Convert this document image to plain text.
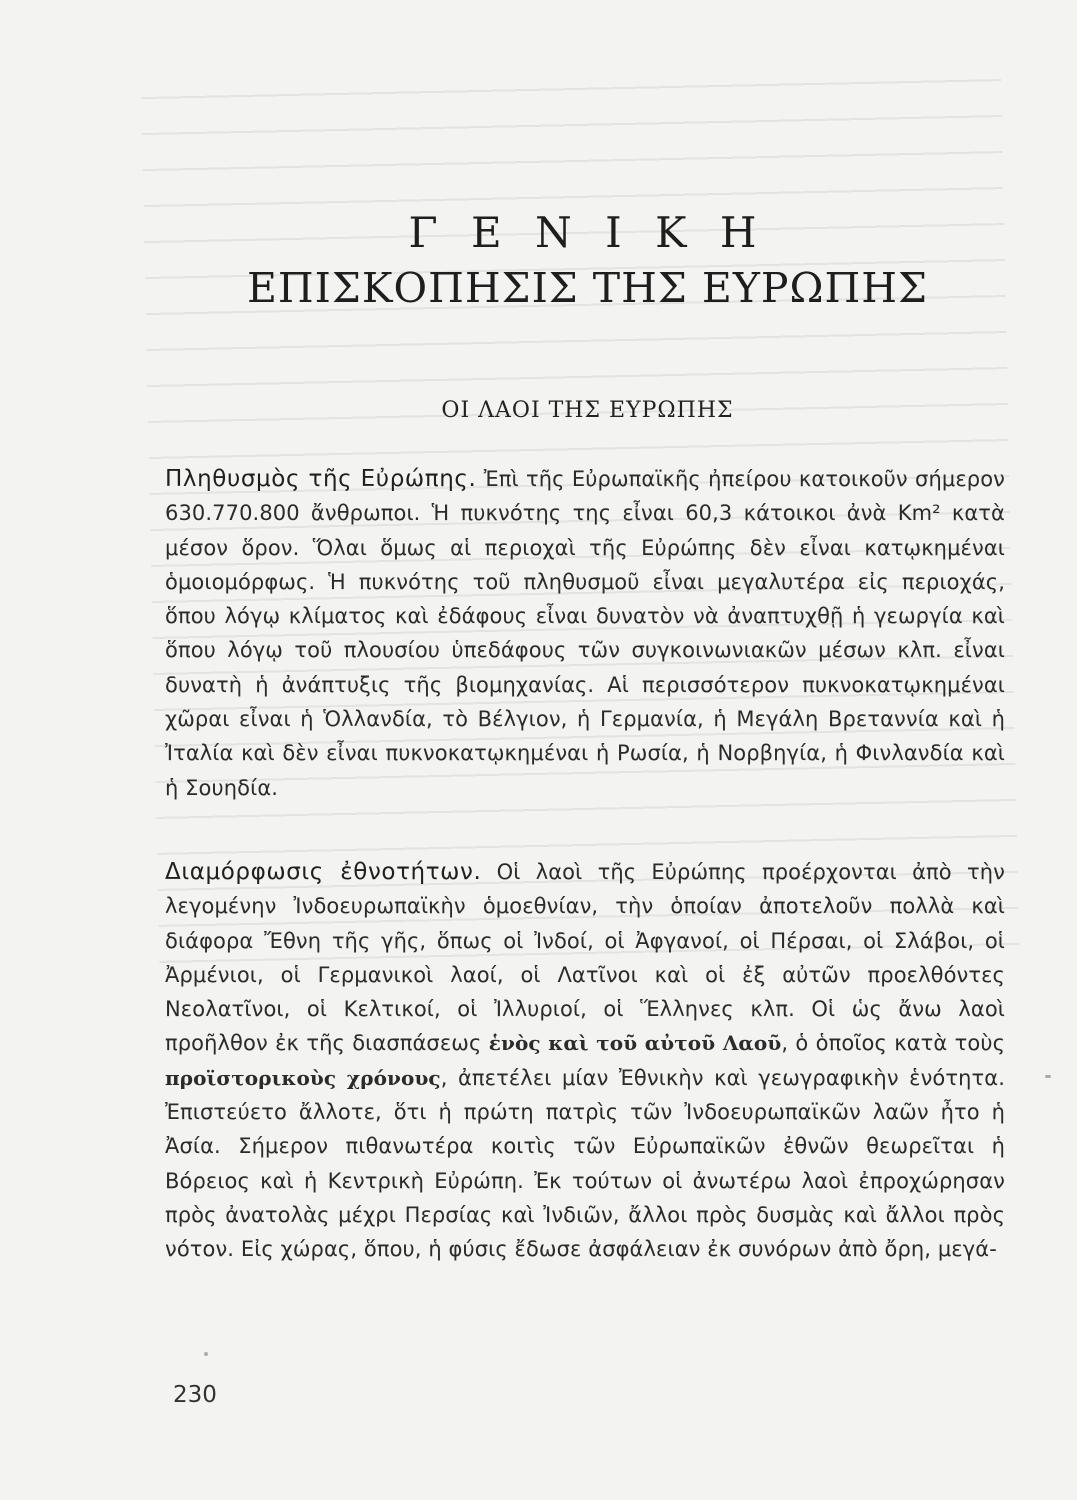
Γ Ε Ν Ι Κ Η
ΕΠΙΣΚΟΠΗΣΙΣ ΤΗΣ ΕΥΡΩΠΗΣ
ΟΙ ΛΑΟΙ ΤΗΣ ΕΥΡΩΠΗΣ
Πληθυσμὸς τῆς Εὐρώπης. Ἐπὶ τῆς Εὐρωπαϊκῆς ἠπείρου κατοικοῦν σήμερον 630.770.800 ἄνθρωποι. Ἡ πυκνότης της εἶναι 60,3 κάτοικοι ἀνὰ Km² κατὰ μέσον ὅρον. Ὅλαι ὅμως αἱ περιοχαὶ τῆς Εὐρώπης δὲν εἶναι κατῳκημέναι ὁμοιομόρφως. Ἡ πυκνότης τοῦ πληθυσμοῦ εἶναι μεγαλυτέρα εἰς περιοχάς, ὅπου λόγῳ κλίματος καὶ ἐδάφους εἶναι δυνατὸν νὰ ἀναπτυχθῇ ἡ γεωργία καὶ ὅπου λόγῳ τοῦ πλουσίου ὑπεδάφους τῶν συγκοινωνιακῶν μέσων κλπ. εἶναι δυνατὴ ἡ ἀνάπτυξις τῆς βιομηχανίας. Αἱ περισσότερον πυκνοκατῳκημέναι χῶραι εἶναι ἡ Ὁλλανδία, τὸ Βέλγιον, ἡ Γερμανία, ἡ Μεγάλη Βρεταννία καὶ ἡ Ἰταλία καὶ δὲν εἶναι πυκνοκατῳκημέναι ἡ Ρωσία, ἡ Νορβηγία, ἡ Φινλανδία καὶ ἡ Σουηδία.
Διαμόρφωσις ἐθνοτήτων. Οἱ λαοὶ τῆς Εὐρώπης προέρχονται ἀπὸ τὴν λεγομένην Ἰνδοευρωπαϊκὴν ὁμοεθνίαν, τὴν ὁποίαν ἀποτελοῦν πολλὰ καὶ διάφορα Ἔθνη τῆς γῆς, ὅπως οἱ Ἰνδοί, οἱ Ἀφγανοί, οἱ Πέρσαι, οἱ Σλάβοι, οἱ Ἀρμένιοι, οἱ Γερμανικοὶ λαοί, οἱ Λατῖνοι καὶ οἱ ἐξ αὐτῶν προελθόντες Νεολατῖνοι, οἱ Κελτικοί, οἱ Ἰλλυριοί, οἱ Ἕλληνες κλπ. Οἱ ὡς ἄνω λαοὶ προῆλθον ἐκ τῆς διασπάσεως ἑνὸς καὶ τοῦ αὐτοῦ Λαοῦ, ὁ ὁποῖος κατὰ τοὺς προϊστορικοὺς χρόνους, ἀπετέλει μίαν Ἐθνικὴν καὶ γεωγραφικὴν ἑνότητα. Ἐπιστεύετο ἄλλοτε, ὅτι ἡ πρώτη πατρὶς τῶν Ἰνδοευρωπαϊκῶν λαῶν ἦτο ἡ Ἀσία. Σήμερον πιθανωτέρα κοιτὶς τῶν Εὐρωπαϊκῶν ἐθνῶν θεωρεῖται ἡ Βόρειος καὶ ἡ Κεντρικὴ Εὐρώπη. Ἐκ τούτων οἱ ἀνωτέρω λαοὶ ἐπροχώρησαν πρὸς ἀνατολὰς μέχρι Περσίας καὶ Ἰνδιῶν, ἄλλοι πρὸς δυσμὰς καὶ ἄλλοι πρὸς νότον. Εἰς χώρας, ὅπου, ἡ φύσις ἔδωσε ἀσφάλειαν ἐκ συνόρων ἀπὸ ὄρη, μεγά-
230
